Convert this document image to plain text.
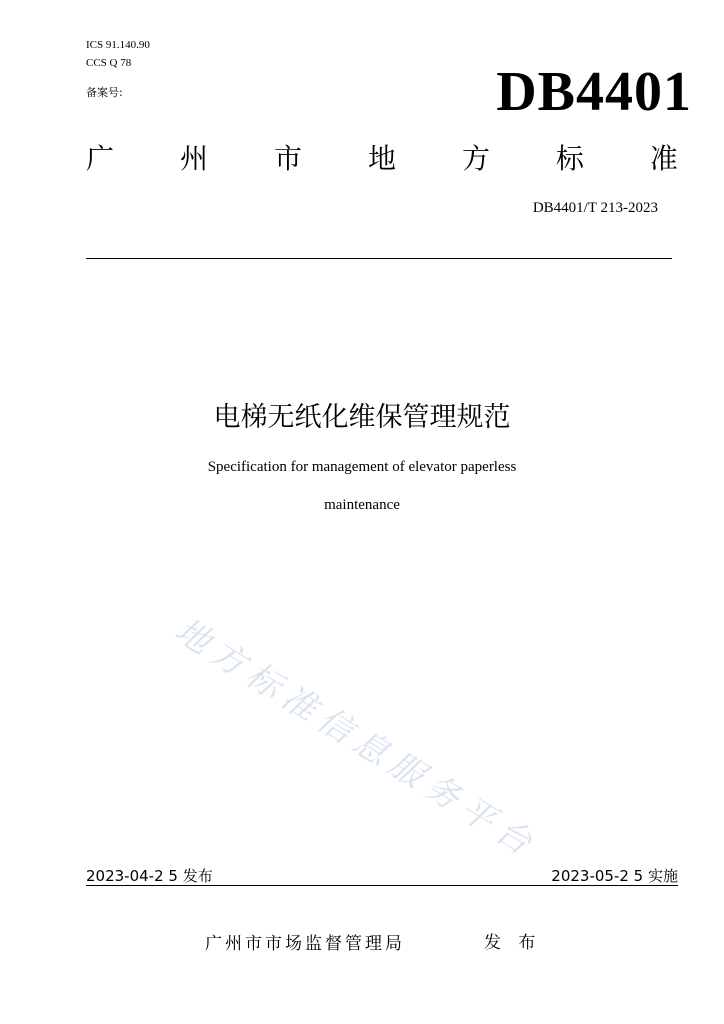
ICS 91.140.90
CCS Q 78
备案号:	DB4401
广 州 市 地 方 标 准
DB4401/T 213-2023
电梯无纸化维保管理规范
Specification for management of elevator paperless
maintenance
地方标准信息服务平台
2023-04-2 5 发布	2023-05-2 5 实施
广州市市场监督管理局	发 布
